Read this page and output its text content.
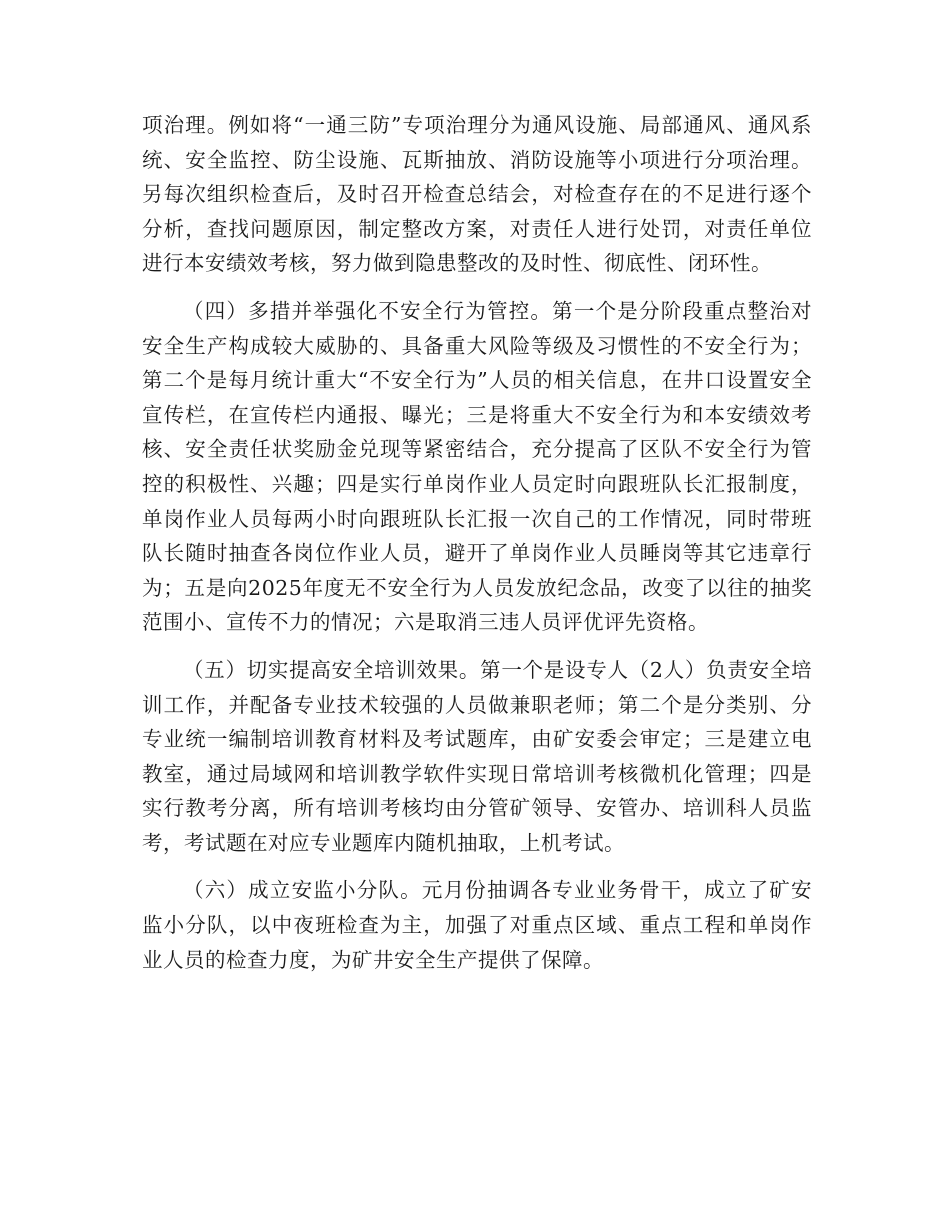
项治理。例如将“一通三防”专项治理分为通风设施、局部通风、通风系统、安全监控、防尘设施、瓦斯抽放、消防设施等小项进行分项治理。另每次组织检查后，及时召开检查总结会，对检查存在的不足进行逐个分析，查找问题原因，制定整改方案，对责任人进行处罚，对责任单位进行本安绩效考核，努力做到隐患整改的及时性、彻底性、闭环性。

（四）多措并举强化不安全行为管控。第一个是分阶段重点整治对安全生产构成较大威胁的、具备重大风险等级及习惯性的不安全行为；第二个是每月统计重大“不安全行为”人员的相关信息，在井口设置安全宣传栏，在宣传栏内通报、曝光；三是将重大不安全行为和本安绩效考核、安全责任状奖励金兑现等紧密结合，充分提高了区队不安全行为管控的积极性、兴趣；四是实行单岗作业人员定时向跟班队长汇报制度，单岗作业人员每两小时向跟班队长汇报一次自己的工作情况，同时带班队长随时抽查各岗位作业人员，避开了单岗作业人员睡岗等其它违章行为；五是向2025年度无不安全行为人员发放纪念品，改变了以往的抽奖范围小、宣传不力的情况；六是取消三违人员评优评先资格。

（五）切实提高安全培训效果。第一个是设专人（2人）负责安全培训工作，并配备专业技术较强的人员做兼职老师；第二个是分类别、分专业统一编制培训教育材料及考试题库，由矿安委会审定；三是建立电教室，通过局域网和培训教学软件实现日常培训考核微机化管理；四是实行教考分离，所有培训考核均由分管矿领导、安管办、培训科人员监考，考试题在对应专业题库内随机抽取，上机考试。

（六）成立安监小分队。元月份抽调各专业业务骨干，成立了矿安监小分队，以中夜班检查为主，加强了对重点区域、重点工程和单岗作业人员的检查力度，为矿井安全生产提供了保障。
